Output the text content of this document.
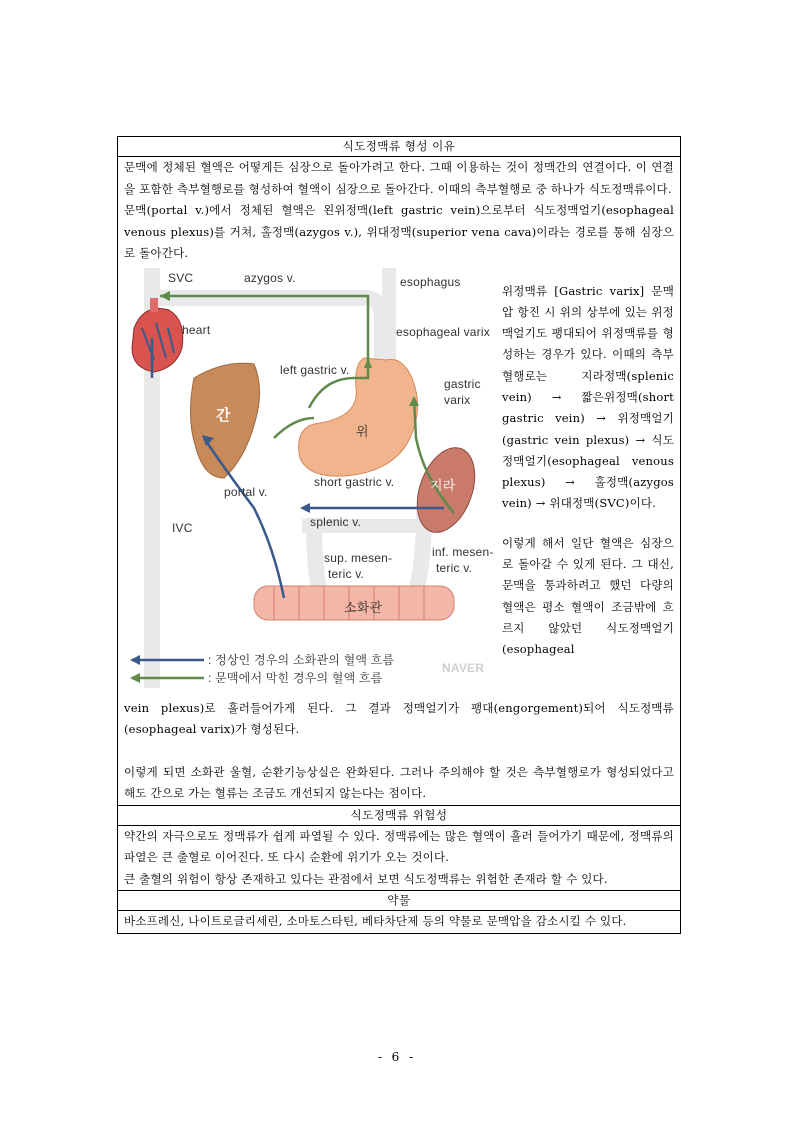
식도정맥류 형성 이유

문맥에 정체된 혈액은 어떻게든 심장으로 돌아가려고 한다. 그때 이용하는 것이 정맥간의 연결이다. 이 연결을 포함한 측부혈행로를 형성하여 혈액이 심장으로 돌아간다. 이때의 측부혈행로 중 하나가 식도정맥류이다.

문맥(portal v.)에서 정체된 혈액은 왼위정맥(left gastric vein)으로부터 식도정맥얼기(esophageal venous plexus)를 거쳐, 홀정맥(azygos v.), 위대정맥(superior vena cava)이라는 경로를 통해 심장으로 돌아간다.

SVC	azygos v.	esophagus
heart	esophageal varix
left gastric v.
gastric
varix
간
위
지라
portal v.
short gastric v.
IVC	splenic v.
sup. mesen-
teric v.
inf. mesen-
teric v.
소화관
: 정상인 경우의 소화관의 혈액 흐름
: 문맥에서 막힌 경우의 혈액 흐름
NAVER

위정맥류 [Gastric varix] 문맥압 항진 시 위의 상부에 있는 위정맥얼기도 팽대되어 위정맥류를 형성하는 경우가 있다. 이때의 측부혈행로는 지라정맥(splenic vein) → 짧은위정맥(short gastric vein) → 위정맥얼기(gastric vein plexus) → 식도정맥얼기(esophageal venous plexus) → 홀정맥(azygos vein) → 위대정맥(SVC)이다.

이렇게 해서 일단 혈액은 심장으로 돌아갈 수 있게 된다. 그 대신, 문맥을 통과하려고 했던 다량의 혈액은 평소 혈액이 조금밖에 흐르지 않았던 식도정맥얼기(esophageal

vein plexus)로 흘러들어가게 된다. 그 결과 정맥얼기가 팽대(engorgement)되어 식도정맥류(esophageal varix)가 형성된다.

이렇게 되면 소화관 울혈, 순환기능상실은 완화된다. 그러나 주의해야 할 것은 측부혈행로가 형성되었다고 해도 간으로 가는 혈류는 조금도 개선되지 않는다는 점이다.

식도정맥류 위험성

약간의 자극으로도 정맥류가 쉽게 파열될 수 있다. 정맥류에는 많은 혈액이 흘러 들어가기 때문에, 정맥류의 파열은 큰 출혈로 이어진다. 또 다시 순환에 위기가 오는 것이다.

큰 출혈의 위험이 항상 존재하고 있다는 관점에서 보면 식도정맥류는 위험한 존재라 할 수 있다.

약물

바소프레신, 나이트로글리세린, 소마토스타틴, 베타차단제 등의 약물로 문맥압을 감소시킬 수 있다.

- 6 -
